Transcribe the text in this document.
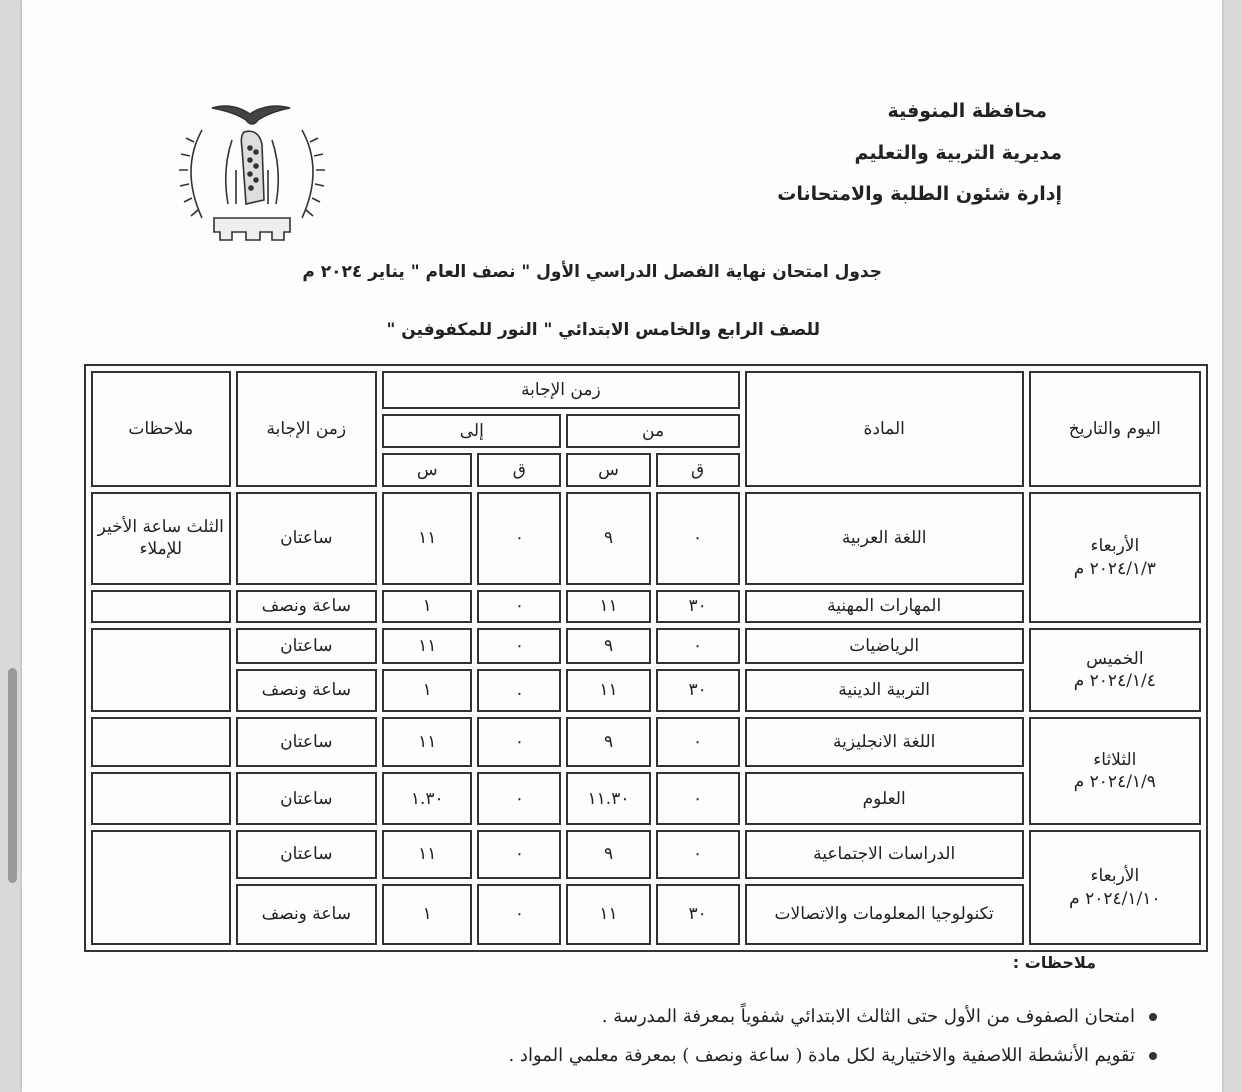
محافظة المنوفية
مديرية التربية والتعليم
إدارة شئون الطلبة والامتحانات
جدول امتحان نهاية الفصل الدراسي الأول " نصف العام " يناير ٢٠٢٤ م
للصف الرابع والخامس الابتدائي " النور للمكفوفين "
اليوم والتاريخ	المادة	زمن الإجابة				زمن الإجابة	ملاحظات
		من		إلى			
		ق	س	ق	س		

الأربعاء
٢٠٢٤/١/٣ م	اللغة العربية	٠	٩	٠	١١	ساعتان	الثلث ساعة الأخير للإملاء
	المهارات المهنية	٣٠	١١	٠	١	ساعة ونصف	

الخميس
٢٠٢٤/١/٤ م	الرياضيات	٠	٩	٠	١١	ساعتان	
	التربية الدينية	٣٠	١١	.	١	ساعة ونصف	

الثلاثاء
٢٠٢٤/١/٩ م	اللغة الانجليزية	٠	٩	٠	١١	ساعتان	
	العلوم	٠	١١.٣٠	٠	١.٣٠	ساعتان	

الأربعاء
٢٠٢٤/١/١٠ م	الدراسات الاجتماعية	٠	٩	٠	١١	ساعتان	
	تكنولوجيا المعلومات والاتصالات	٣٠	١١	٠	١	ساعة ونصف	
ملاحظات :
امتحان الصفوف من الأول حتى الثالث الابتدائي شفوياً بمعرفة المدرسة .
تقويم الأنشطة اللاصفية والاختيارية لكل مادة ( ساعة ونصف ) بمعرفة معلمي المواد .
